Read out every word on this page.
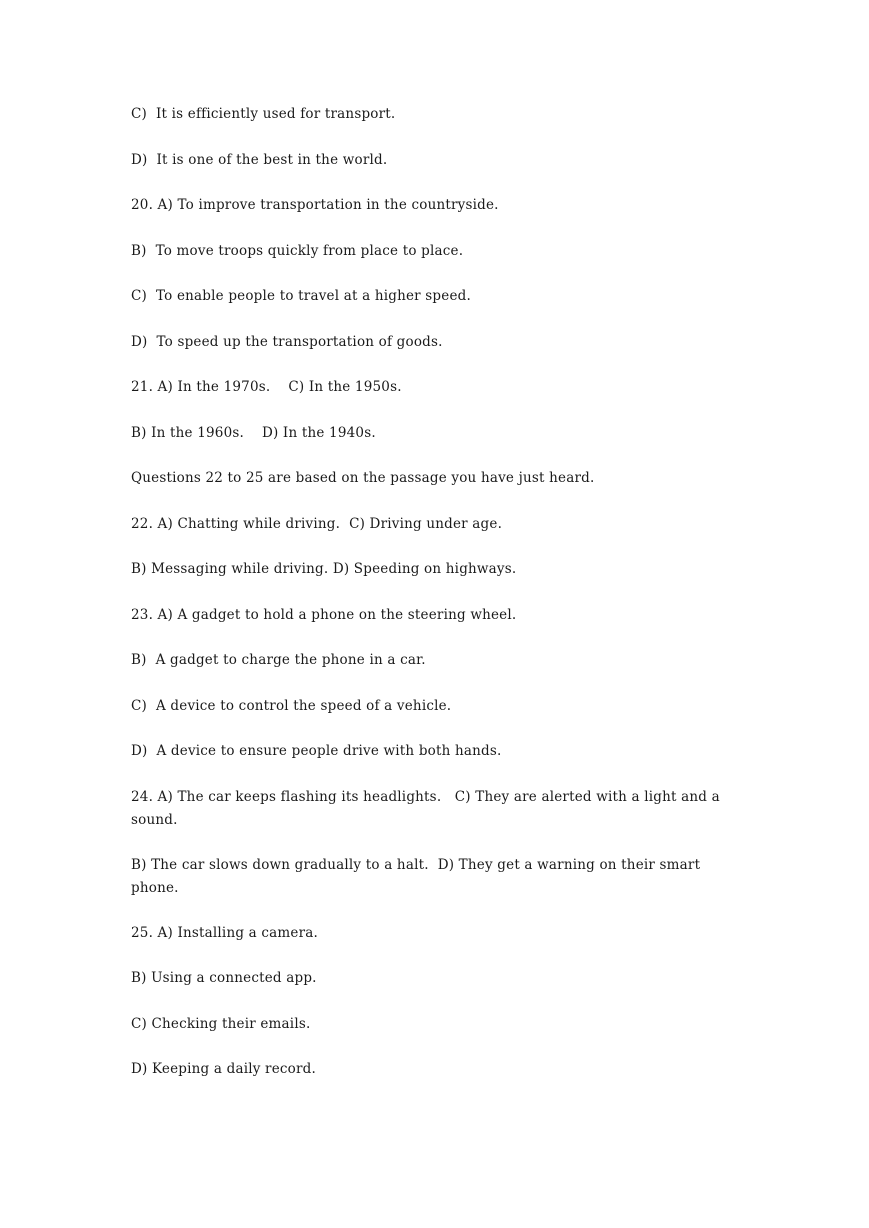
C)  It is efficiently used for transport.

D)  It is one of the best in the world.

20. A) To improve transportation in the countryside.

B)  To move troops quickly from place to place.

C)  To enable people to travel at a higher speed.

D)  To speed up the transportation of goods.

21. A) In the 1970s.    C) In the 1950s.

B) In the 1960s.    D) In the 1940s.

Questions 22 to 25 are based on the passage you have just heard.

22. A) Chatting while driving.  C) Driving under age.

B) Messaging while driving. D) Speeding on highways.

23. A) A gadget to hold a phone on the steering wheel.

B)  A gadget to charge the phone in a car.

C)  A device to control the speed of a vehicle.

D)  A device to ensure people drive with both hands.

24. A) The car keeps flashing its headlights.   C) They are alerted with a light and a sound.

B) The car slows down gradually to a halt.  D) They get a warning on their smart phone.

25. A) Installing a camera.

B) Using a connected app.

C) Checking their emails.

D) Keeping a daily record.
